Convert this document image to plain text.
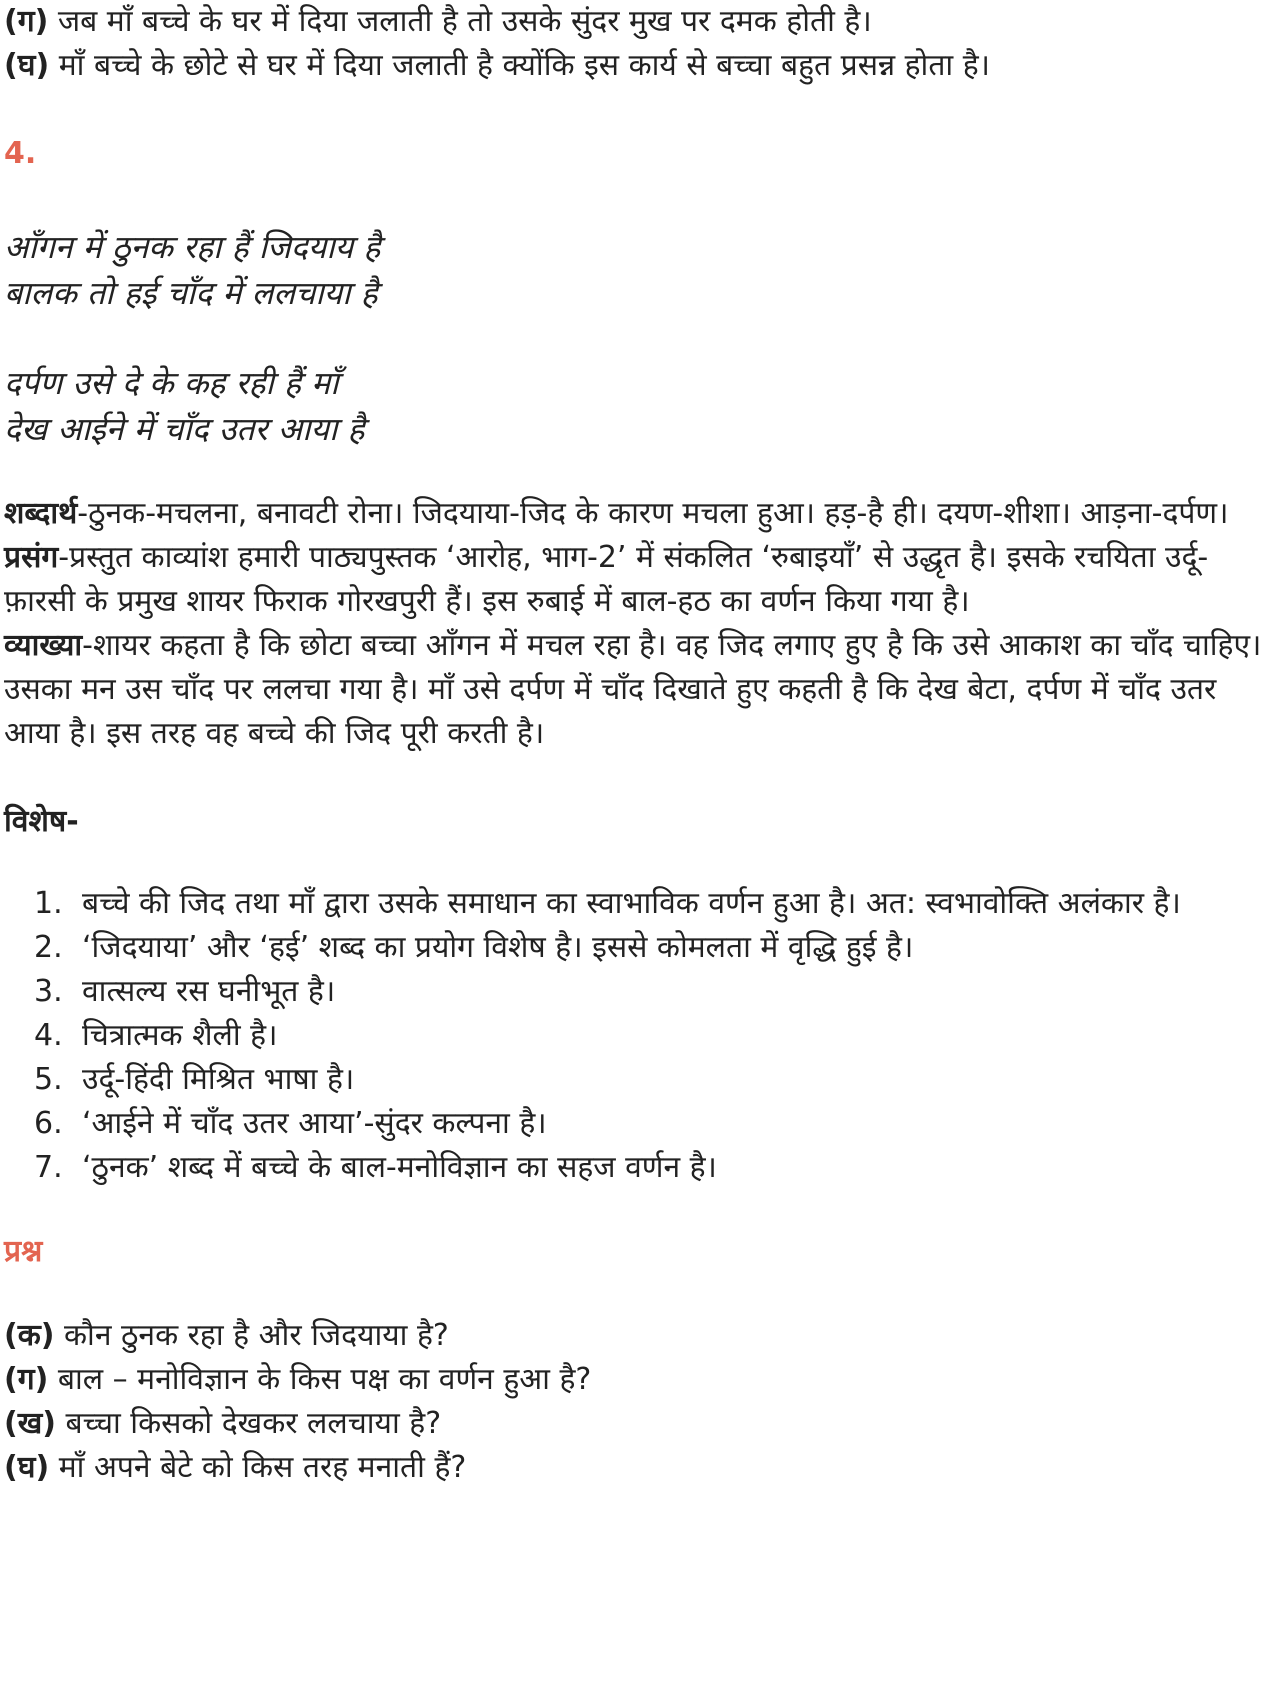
(ग) जब माँ बच्चे के घर में दिया जलाती है तो उसके सुंदर मुख पर दमक होती है।

(घ) माँ बच्चे के छोटे से घर में दिया जलाती है क्योंकि इस कार्य से बच्चा बहुत प्रसन्न होता है।

4.

आँगन में ठुनक रहा हैं जिदयाय है

बालक तो हई चाँद में ललचाया है

दर्पण उसे दे के कह रही हैं माँ

देख आईने में चाँद उतर आया है

शब्दार्थ-ठुनक-मचलना, बनावटी रोना। जिदयाया-जिद के कारण मचला हुआ। हड़-है ही। दयण-शीशा। आड़ना-दर्पण।

प्रसंग-प्रस्तुत काव्यांश हमारी पाठ्यपुस्तक ‘आरोह, भाग-2’ में संकलित ‘रुबाइयाँ’ से उद्धृत है। इसके रचयिता उर्दू-फ़ारसी के प्रमुख शायर फिराक गोरखपुरी हैं। इस रुबाई में बाल-हठ का वर्णन किया गया है।

व्याख्या-शायर कहता है कि छोटा बच्चा आँगन में मचल रहा है। वह जिद लगाए हुए है कि उसे आकाश का चाँद चाहिए। उसका मन उस चाँद पर ललचा गया है। माँ उसे दर्पण में चाँद दिखाते हुए कहती है कि देख बेटा, दर्पण में चाँद उतर आया है। इस तरह वह बच्चे की जिद पूरी करती है।

विशेष-

1. बच्चे की जिद तथा माँ द्वारा उसके समाधान का स्वाभाविक वर्णन हुआ है। अत: स्वभावोक्ति अलंकार है।
2. ‘जिदयाया’ और ‘हई’ शब्द का प्रयोग विशेष है। इससे कोमलता में वृद्धि हुई है।
3. वात्सल्य रस घनीभूत है।
4. चित्रात्मक शैली है।
5. उर्दू-हिंदी मिश्रित भाषा है।
6. ‘आईने में चाँद उतर आया’-सुंदर कल्पना है।
7. ‘ठुनक’ शब्द में बच्चे के बाल-मनोविज्ञान का सहज वर्णन है।

प्रश्न

(क) कौन ठुनक रहा है और जिदयाया है?

(ग) बाल – मनोविज्ञान के किस पक्ष का वर्णन हुआ है?

(ख) बच्चा किसको देखकर ललचाया है?

(घ) माँ अपने बेटे को किस तरह मनाती हैं?
